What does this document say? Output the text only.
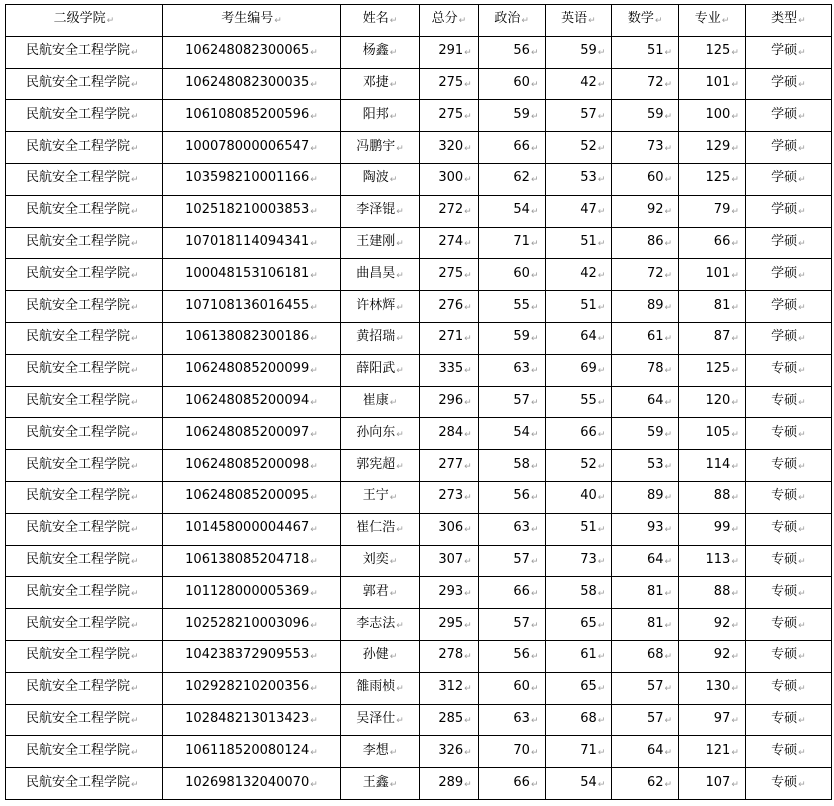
二级学院↵	考生编号↵	姓名↵	总分↵	政治↵	英语↵	数学↵	专业↵	类型↵
民航安全工程学院↵	106248082300065↵	杨鑫↵	291↵	56↵	59↵	51↵	125↵	学硕↵
民航安全工程学院↵	106248082300035↵	邓捷↵	275↵	60↵	42↵	72↵	101↵	学硕↵
民航安全工程学院↵	106108085200596↵	阳邦↵	275↵	59↵	57↵	59↵	100↵	学硕↵
民航安全工程学院↵	100078000006547↵	冯鹏宇↵	320↵	66↵	52↵	73↵	129↵	学硕↵
民航安全工程学院↵	103598210001166↵	陶波↵	300↵	62↵	53↵	60↵	125↵	学硕↵
民航安全工程学院↵	102518210003853↵	李泽锟↵	272↵	54↵	47↵	92↵	79↵	学硕↵
民航安全工程学院↵	107018114094341↵	王建刚↵	274↵	71↵	51↵	86↵	66↵	学硕↵
民航安全工程学院↵	100048153106181↵	曲昌昊↵	275↵	60↵	42↵	72↵	101↵	学硕↵
民航安全工程学院↵	107108136016455↵	许林辉↵	276↵	55↵	51↵	89↵	81↵	学硕↵
民航安全工程学院↵	106138082300186↵	黄招瑞↵	271↵	59↵	64↵	61↵	87↵	学硕↵
民航安全工程学院↵	106248085200099↵	薛阳武↵	335↵	63↵	69↵	78↵	125↵	专硕↵
民航安全工程学院↵	106248085200094↵	崔康↵	296↵	57↵	55↵	64↵	120↵	专硕↵
民航安全工程学院↵	106248085200097↵	孙向东↵	284↵	54↵	66↵	59↵	105↵	专硕↵
民航安全工程学院↵	106248085200098↵	郭宪超↵	277↵	58↵	52↵	53↵	114↵	专硕↵
民航安全工程学院↵	106248085200095↵	王宁↵	273↵	56↵	40↵	89↵	88↵	专硕↵
民航安全工程学院↵	101458000004467↵	崔仁浩↵	306↵	63↵	51↵	93↵	99↵	专硕↵
民航安全工程学院↵	106138085204718↵	刘奕↵	307↵	57↵	73↵	64↵	113↵	专硕↵
民航安全工程学院↵	101128000005369↵	郭君↵	293↵	66↵	58↵	81↵	88↵	专硕↵
民航安全工程学院↵	102528210003096↵	李志法↵	295↵	57↵	65↵	81↵	92↵	专硕↵
民航安全工程学院↵	104238372909553↵	孙健↵	278↵	56↵	61↵	68↵	92↵	专硕↵
民航安全工程学院↵	102928210200356↵	雒雨桢↵	312↵	60↵	65↵	57↵	130↵	专硕↵
民航安全工程学院↵	102848213013423↵	吴泽仕↵	285↵	63↵	68↵	57↵	97↵	专硕↵
民航安全工程学院↵	106118520080124↵	李想↵	326↵	70↵	71↵	64↵	121↵	专硕↵
民航安全工程学院↵	102698132040070↵	王鑫↵	289↵	66↵	54↵	62↵	107↵	专硕↵
